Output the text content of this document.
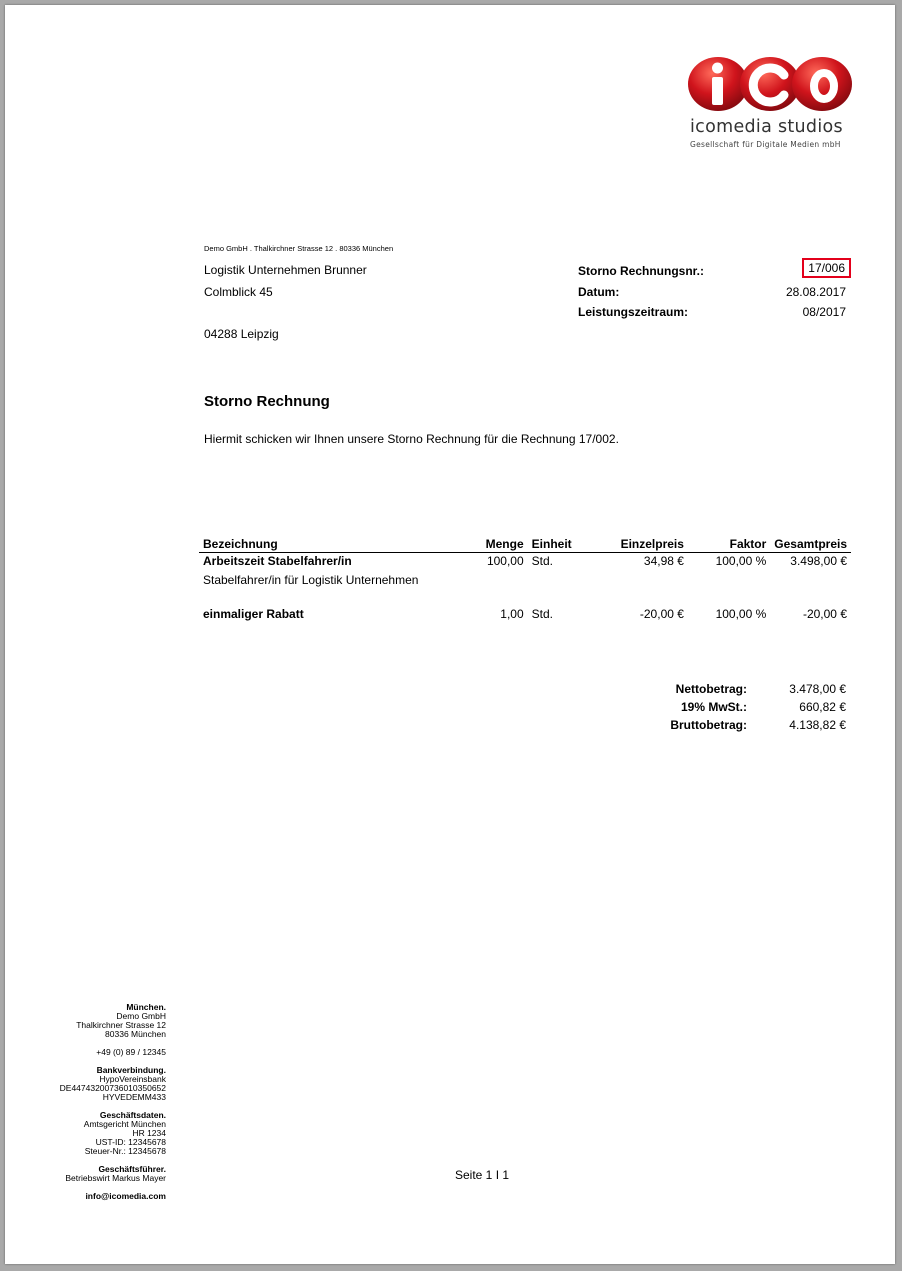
icomedia studios
Gesellschaft für Digitale Medien mbH
Demo GmbH . Thalkirchner Strasse 12 . 80336 München
Logistik Unternehmen Brunner
Colmblick 45
04288 Leipzig
Storno Rechnungsnr.:	17/006
Datum:	28.08.2017
Leistungszeitraum:	08/2017
Storno Rechnung
Hiermit schicken wir Ihnen unsere Storno Rechnung für die Rechnung 17/002.
Bezeichnung	Menge	Einheit	Einzelpreis	Faktor	Gesamtpreis
Arbeitszeit Stabelfahrer/in	100,00	Std.	34,98 €	100,00 %	3.498,00 €
Stabelfahrer/in für Logistik Unternehmen					

einmaliger Rabatt	1,00	Std.	-20,00 €	100,00 %	-20,00 €
Nettobetrag:	3.478,00 €
19% MwSt.:	660,82 €
Bruttobetrag:	4.138,82 €
München.
Demo GmbH
Thalkirchner Strasse 12
80336 München
+49 (0) 89 / 12345
Bankverbindung.
HypoVereinsbank
DE44743200736010350652
HYVEDEMM433
Geschäftsdaten.
Amtsgericht München
HR 1234
UST-ID: 12345678
Steuer-Nr.: 12345678
Geschäftsführer.
Betriebswirt Markus Mayer
info@icomedia.com
Seite 1 I 1
